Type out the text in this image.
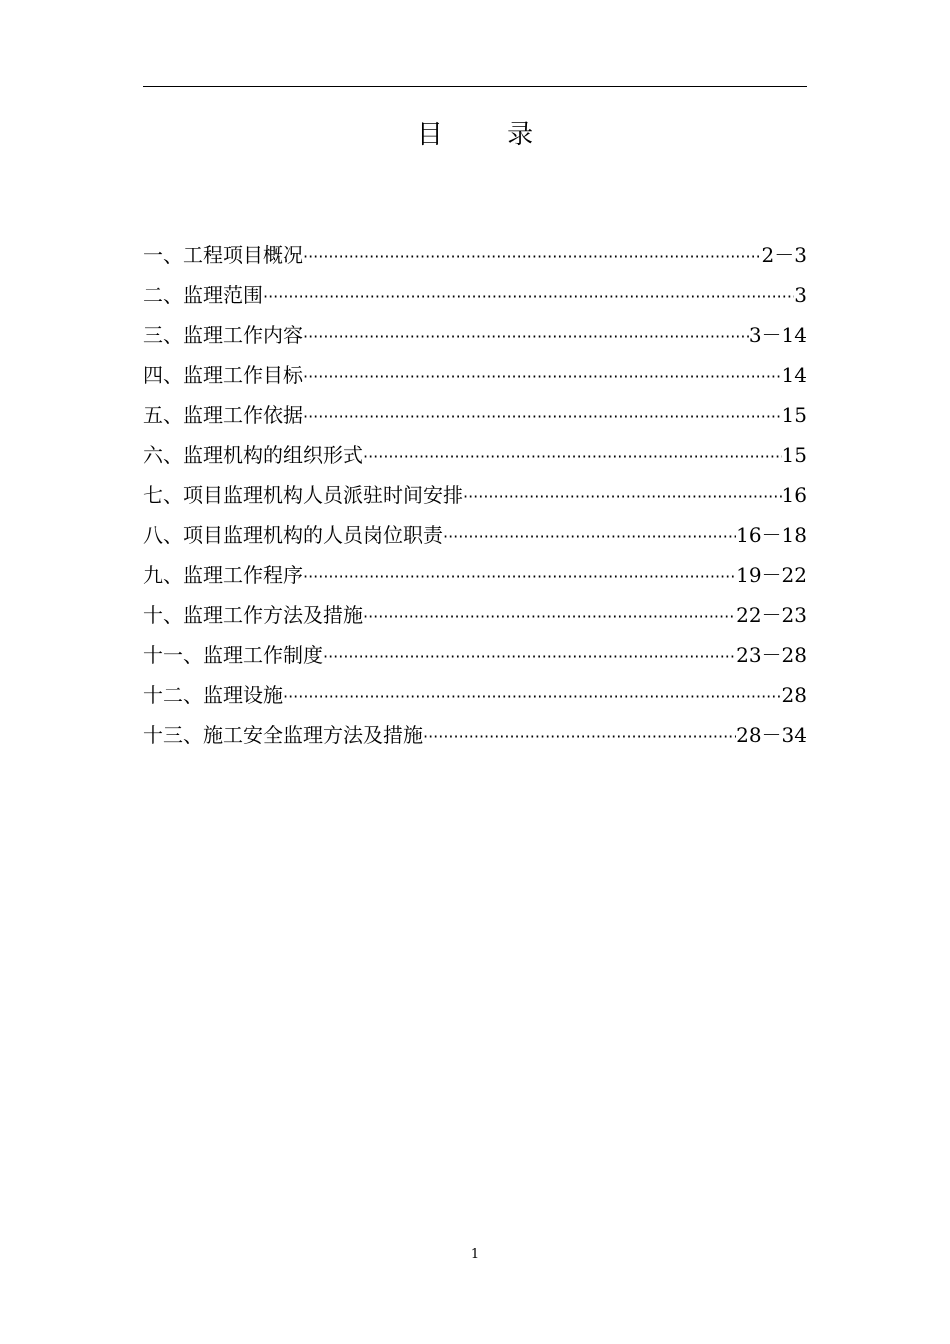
目 录
一、工程项目概况 ·····	2－3
二、监理范围 ·····	3
三、监理工作内容 ·····	3－14
四、监理工作目标 ·····	14
五、监理工作依据 ·····	15
六、监理机构的组织形式 ·····	15
七、项目监理机构人员派驻时间安排 ·····	16
八、项目监理机构的人员岗位职责 ·····	16－18
九、监理工作程序 ·····	19－22
十、监理工作方法及措施 ·····	22－23
十一、监理工作制度 ·····	23－28
十二、监理设施 ·····	28
十三、施工安全监理方法及措施 ·····	28－34
1
